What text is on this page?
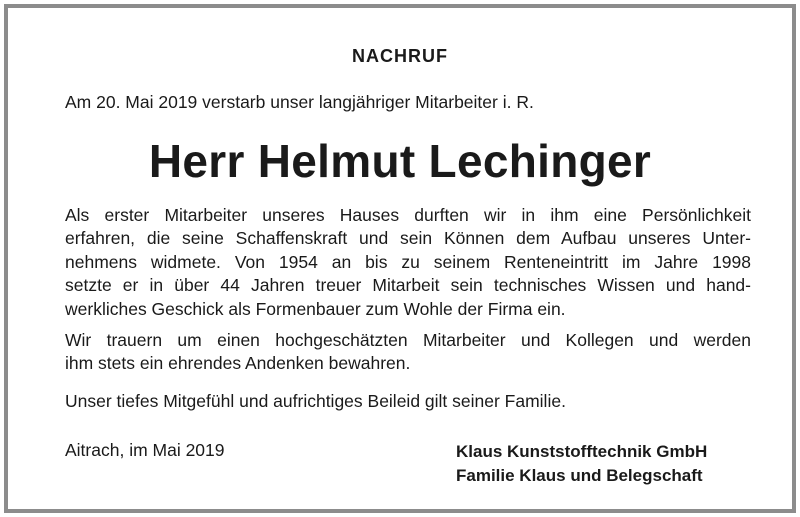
NACHRUF
Am 20. Mai 2019 verstarb unser langjähriger Mitarbeiter i. R.
Herr Helmut Lechinger
Als erster Mitarbeiter unseres Hauses durften wir in ihm eine Persönlichkeit
erfahren, die seine Schaffenskraft und sein Können dem Aufbau unseres Unter-
nehmens widmete. Von 1954 an bis zu seinem Renteneintritt im Jahre 1998
setzte er in über 44 Jahren treuer Mitarbeit sein technisches Wissen und hand-
werkliches Geschick als Formenbauer zum Wohle der Firma ein.
Wir trauern um einen hochgeschätzten Mitarbeiter und Kollegen und werden
ihm stets ein ehrendes Andenken bewahren.
Unser tiefes Mitgefühl und aufrichtiges Beileid gilt seiner Familie.
Aitrach, im Mai 2019	Klaus Kunststofftechnik GmbH
Familie Klaus und Belegschaft
